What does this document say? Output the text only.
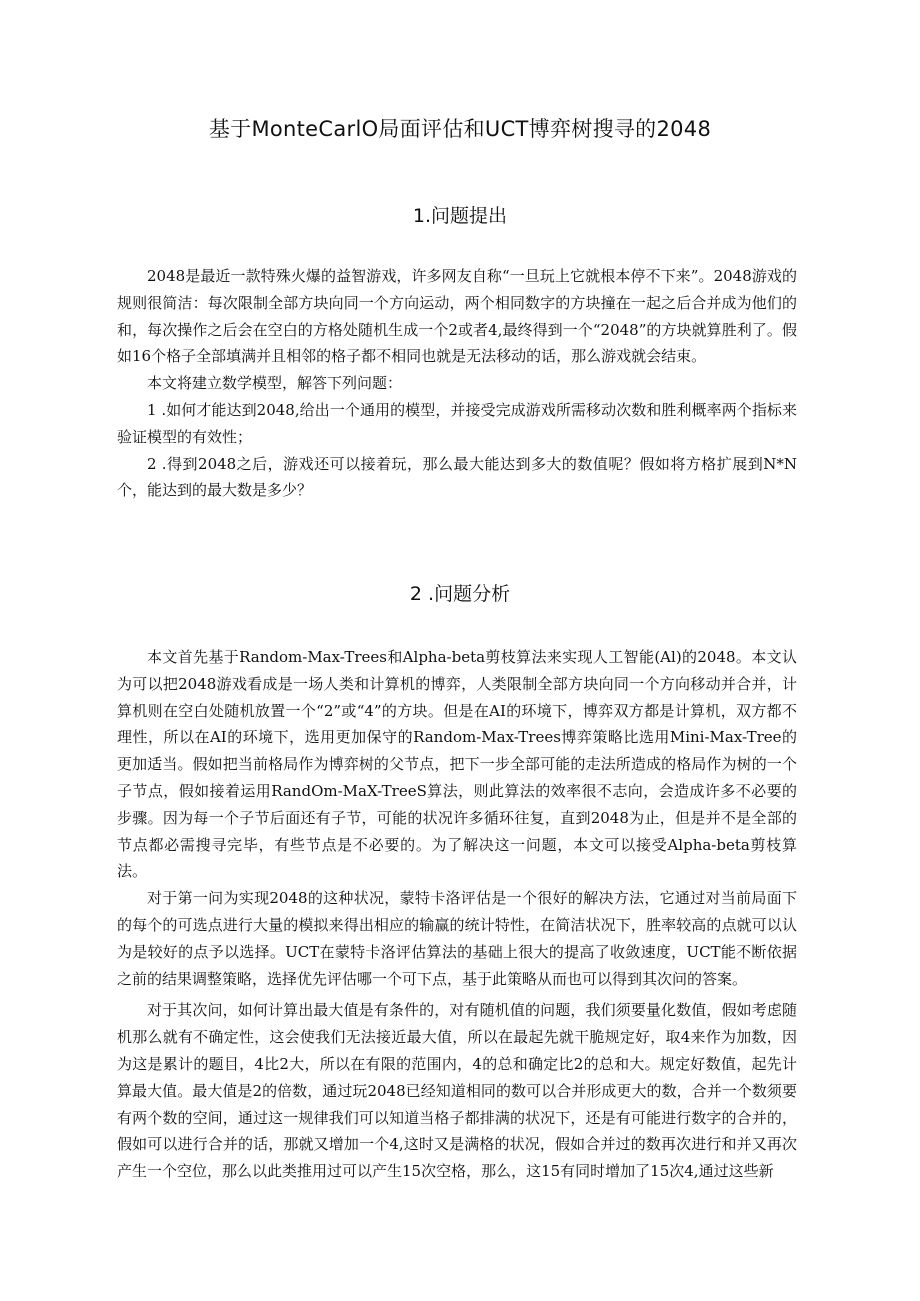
基于MonteCarlO局面评估和UCT博弈树搜寻的2048
1.问题提出

2048是最近一款特殊火爆的益智游戏，许多网友自称“一旦玩上它就根本停不下来”。2048游戏的规则很简洁：每次限制全部方块向同一个方向运动，两个相同数字的方块撞在一起之后合并成为他们的和，每次操作之后会在空白的方格处随机生成一个2或者4,最终得到一个“2048”的方块就算胜利了。假如16个格子全部填满并且相邻的格子都不相同也就是无法移动的话，那么游戏就会结束。

本文将建立数学模型，解答下列问题：

1 .如何才能达到2048,给出一个通用的模型，并接受完成游戏所需移动次数和胜利概率两个指标来验证模型的有效性；

2 .得到2048之后，游戏还可以接着玩，那么最大能达到多大的数值呢？假如将方格扩展到N*N个，能达到的最大数是多少？

2 .问题分析

本文首先基于Random-Max-Trees和Alpha-beta剪枝算法来实现人工智能(Al)的2048。本文认为可以把2048游戏看成是一场人类和计算机的博弈，人类限制全部方块向同一个方向移动并合并，计算机则在空白处随机放置一个“2”或“4”的方块。但是在AI的环境下，博弈双方都是计算机，双方都不理性，所以在AI的环境下，选用更加保守的Random-Max-Trees博弈策略比选用Mini-Max-Tree的更加适当。假如把当前格局作为博弈树的父节点，把下一步全部可能的走法所造成的格局作为树的一个子节点，假如接着运用RandOm-MaX-TreeS算法，则此算法的效率很不志向，会造成许多不必要的步骤。因为每一个子节后面还有子节，可能的状况许多循环往复，直到2048为止，但是并不是全部的节点都必需搜寻完毕，有些节点是不必要的。为了解决这一问题，本文可以接受Alpha-beta剪枝算法。

对于第一问为实现2048的这种状况，蒙特卡洛评估是一个很好的解决方法，它通过对当前局面下的每个的可选点进行大量的模拟来得出相应的输赢的统计特性，在简洁状况下，胜率较高的点就可以认为是较好的点予以选择。UCT在蒙特卡洛评估算法的基础上很大的提高了收敛速度，UCT能不断依据之前的结果调整策略，选择优先评估哪一个可下点，基于此策略从而也可以得到其次问的答案。

对于其次问，如何计算出最大值是有条件的，对有随机值的问题，我们须要量化数值，假如考虑随机那么就有不确定性，这会使我们无法接近最大值，所以在最起先就干脆规定好，取4来作为加数，因为这是累计的题目，4比2大，所以在有限的范围内，4的总和确定比2的总和大。规定好数值，起先计算最大值。最大值是2的倍数，通过玩2048已经知道相同的数可以合并形成更大的数，合并一个数须要有两个数的空间，通过这一规律我们可以知道当格子都排满的状况下，还是有可能进行数字的合并的，假如可以进行合并的话，那就又增加一个4,这时又是满格的状况，假如合并过的数再次进行和并又再次产生一个空位，那么以此类推用过可以产生15次空格，那么，这15有同时增加了15次4,通过这些新
